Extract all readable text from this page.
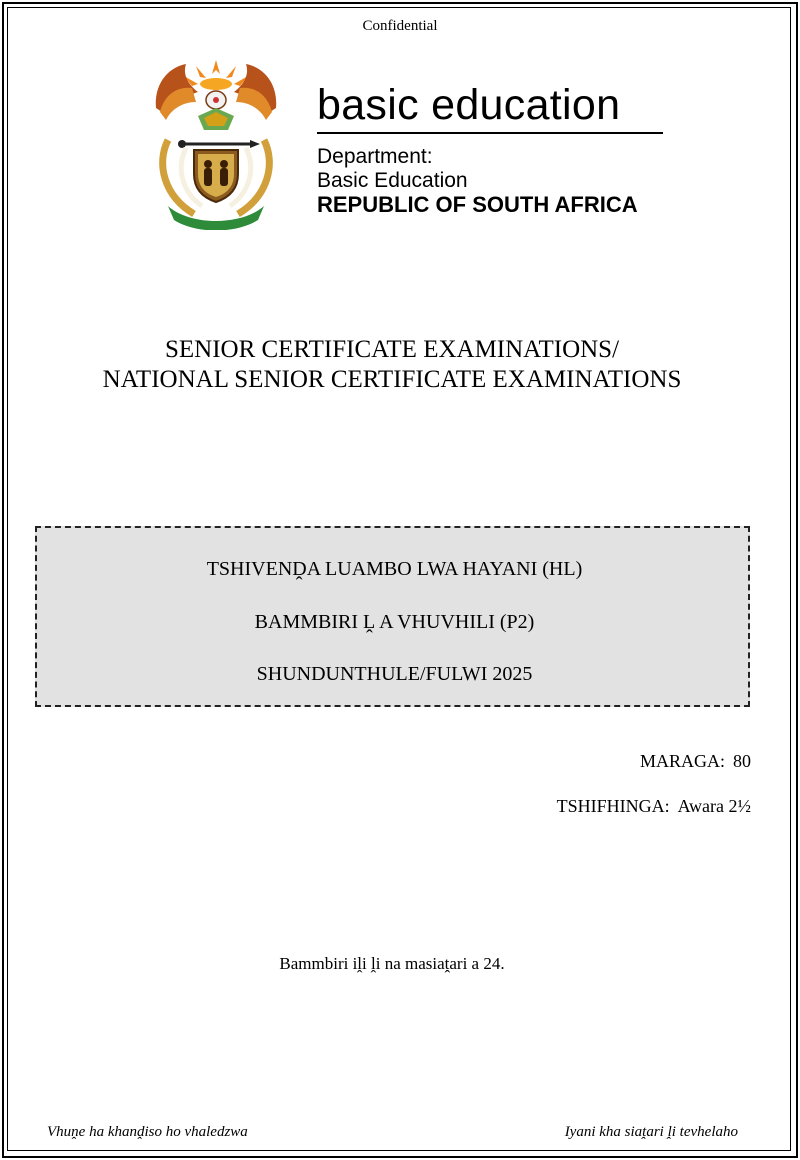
Confidential
basic education
Department:
Basic Education
REPUBLIC OF SOUTH AFRICA
SENIOR CERTIFICATE EXAMINATIONS/
NATIONAL SENIOR CERTIFICATE EXAMINATIONS
TSHIVENḒA LUAMBO LWA HAYANI (HL)
BAMMBIRI Ḽ A VHUVHILI (P2)
SHUNDUNTHULE/FULWI 2025
MARAGA: 80
TSHIFHINGA: Awara 2½
Bammbiri iḽi ḽi na masiaṱari a 24.
Vhuṋe ha khanḓiso ho vhaledzwa	Iyani kha siaṱari ḽi tevhelaho
